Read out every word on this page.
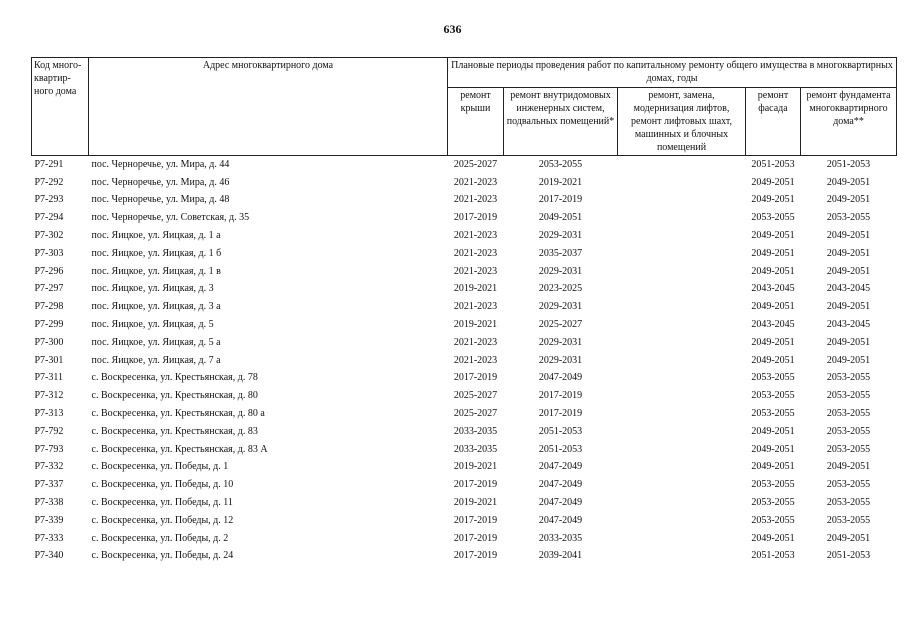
636
Код много-квартир-ного дома	Адрес многоквартирного дома	Плановые периоды проведения работ по капитальному ремонту общего имущества в многоквартирных домах, годы				
		ремонт крыши	ремонт внутридомовых инженерных систем, подвальных помещений*	ремонт, замена, модернизация лифтов, ремонт лифтовых шахт, машинных и блочных помещений	ремонт фасада	ремонт фундамента многоквартирного дома**
Р7-291	пос. Черноречье, ул. Мира, д. 44	2025-2027	2053-2055		2051-2053	2051-2053
Р7-292	пос. Черноречье, ул. Мира, д. 46	2021-2023	2019-2021		2049-2051	2049-2051
Р7-293	пос. Черноречье, ул. Мира, д. 48	2021-2023	2017-2019		2049-2051	2049-2051
Р7-294	пос. Черноречье, ул. Советская, д. 35	2017-2019	2049-2051		2053-2055	2053-2055
Р7-302	пос. Яицкое, ул. Яицкая, д. 1 а	2021-2023	2029-2031		2049-2051	2049-2051
Р7-303	пос. Яицкое, ул. Яицкая, д. 1 б	2021-2023	2035-2037		2049-2051	2049-2051
Р7-296	пос. Яицкое, ул. Яицкая, д. 1 в	2021-2023	2029-2031		2049-2051	2049-2051
Р7-297	пос. Яицкое, ул. Яицкая, д. 3	2019-2021	2023-2025		2043-2045	2043-2045
Р7-298	пос. Яицкое, ул. Яицкая, д. 3 а	2021-2023	2029-2031		2049-2051	2049-2051
Р7-299	пос. Яицкое, ул. Яицкая, д. 5	2019-2021	2025-2027		2043-2045	2043-2045
Р7-300	пос. Яицкое, ул. Яицкая, д. 5 а	2021-2023	2029-2031		2049-2051	2049-2051
Р7-301	пос. Яицкое, ул. Яицкая, д. 7 а	2021-2023	2029-2031		2049-2051	2049-2051
Р7-311	с. Воскресенка, ул. Крестьянская, д. 78	2017-2019	2047-2049		2053-2055	2053-2055
Р7-312	с. Воскресенка, ул. Крестьянская, д. 80	2025-2027	2017-2019		2053-2055	2053-2055
Р7-313	с. Воскресенка, ул. Крестьянская, д. 80 а	2025-2027	2017-2019		2053-2055	2053-2055
Р7-792	с. Воскресенка, ул. Крестьянская, д. 83	2033-2035	2051-2053		2049-2051	2053-2055
Р7-793	с. Воскресенка, ул. Крестьянская, д. 83 А	2033-2035	2051-2053		2049-2051	2053-2055
Р7-332	с. Воскресенка, ул. Победы, д. 1	2019-2021	2047-2049		2049-2051	2049-2051
Р7-337	с. Воскресенка, ул. Победы, д. 10	2017-2019	2047-2049		2053-2055	2053-2055
Р7-338	с. Воскресенка, ул. Победы, д. 11	2019-2021	2047-2049		2053-2055	2053-2055
Р7-339	с. Воскресенка, ул. Победы, д. 12	2017-2019	2047-2049		2053-2055	2053-2055
Р7-333	с. Воскресенка, ул. Победы, д. 2	2017-2019	2033-2035		2049-2051	2049-2051
Р7-340	с. Воскресенка, ул. Победы, д. 24	2017-2019	2039-2041		2051-2053	2051-2053
